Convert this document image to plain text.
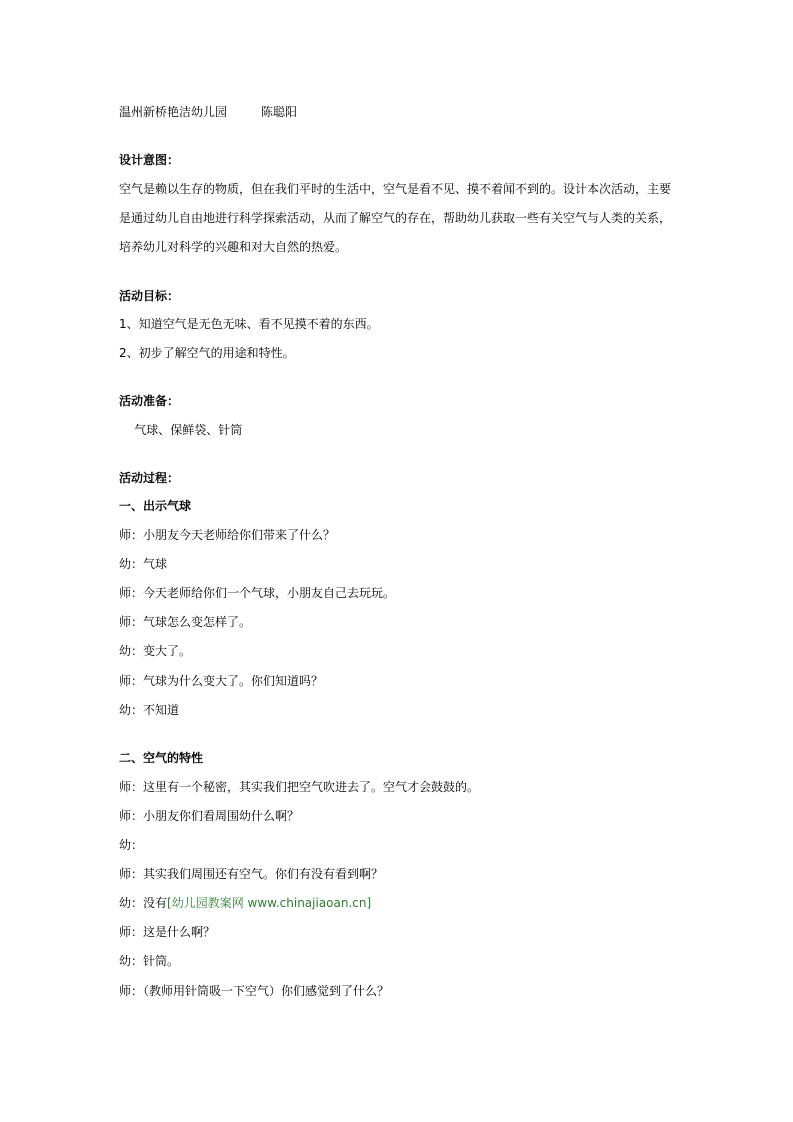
温州新桥艳洁幼儿园	陈聪阳
设计意图：
空气是赖以生存的物质，但在我们平时的生活中，空气是看不见、摸不着闻不到的。设计本次活动，主要
是通过幼儿自由地进行科学探索活动，从而了解空气的存在，帮助幼儿获取一些有关空气与人类的关系，
培养幼儿对科学的兴趣和对大自然的热爱。
活动目标：
1、知道空气是无色无味、看不见摸不着的东西。
2、初步了解空气的用途和特性。
活动准备：
气球、保鲜袋、针筒
活动过程：
一、出示气球
师：小朋友今天老师给你们带来了什么？
幼：气球
师：今天老师给你们一个气球，小朋友自己去玩玩。
师：气球怎么变怎样了。
幼：变大了。
师：气球为什么变大了。你们知道吗？
幼：不知道
二、空气的特性
师：这里有一个秘密，其实我们把空气吹进去了。空气才会鼓鼓的。
师：小朋友你们看周围幼什么啊？
幼：
师：其实我们周围还有空气。你们有没有看到啊？
幼：没有[幼儿园教案网 www.chinajiaoan.cn]
师：这是什么啊？
幼：针筒。
师：（教师用针筒吸一下空气）你们感觉到了什么？
